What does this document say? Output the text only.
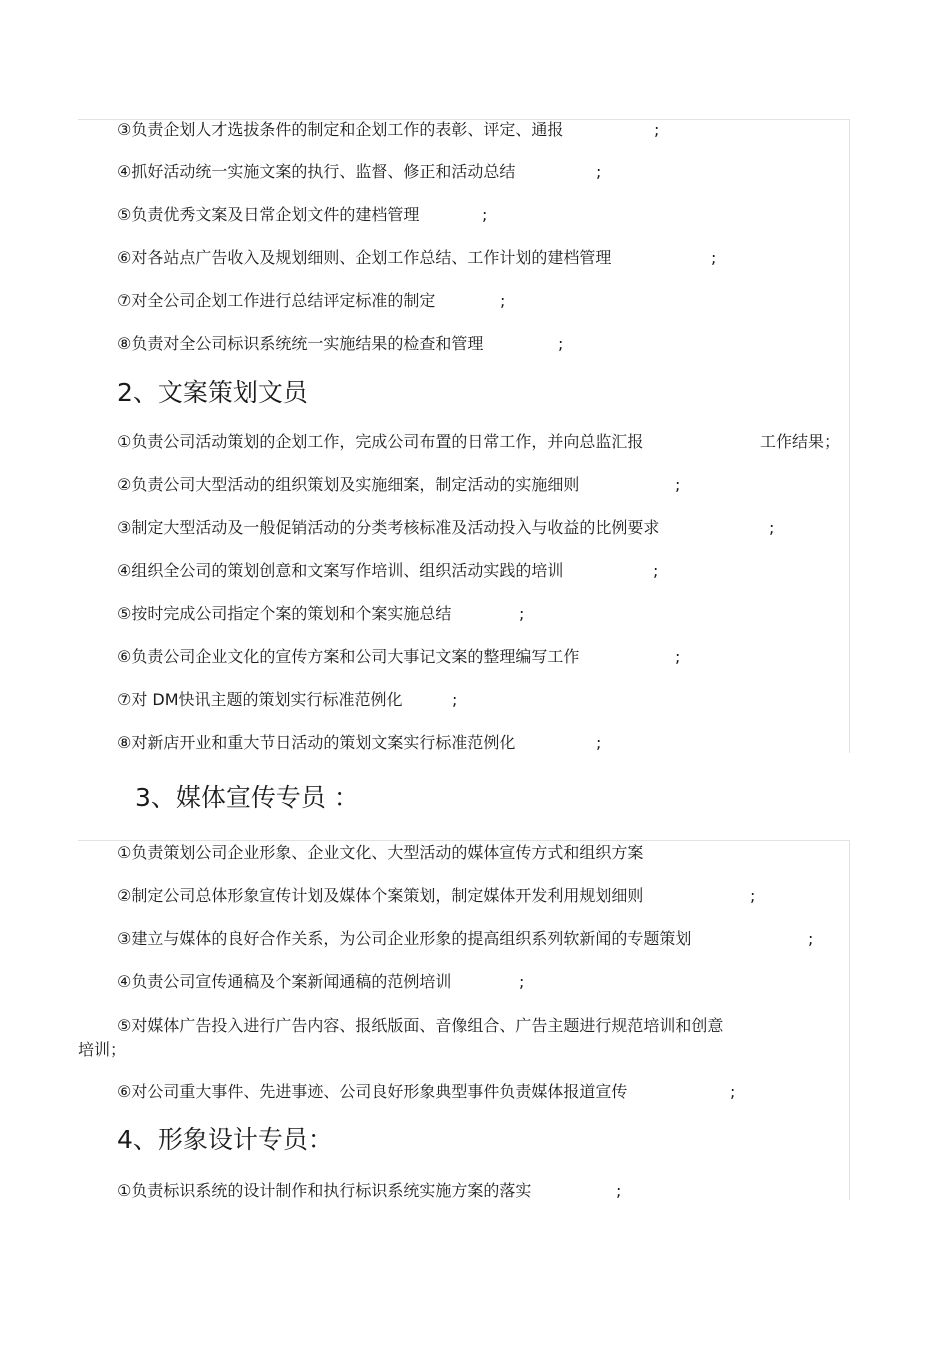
③负责企划人才选拔条件的制定和企划工作的表彰、评定、通报	;
④抓好活动统一实施文案的执行、监督、修正和活动总结	;
⑤负责优秀文案及日常企划文件的建档管理	;
⑥对各站点广告收入及规划细则、企划工作总结、工作计划的建档管理	;
⑦对全公司企划工作进行总结评定标准的制定	;
⑧负责对全公司标识系统统一实施结果的检查和管理	;
2、文案策划文员
①负责公司活动策划的企划工作，完成公司布置的日常工作，并向总监汇报	工作结果；
②负责公司大型活动的组织策划及实施细案，制定活动的实施细则	;
③制定大型活动及一般促销活动的分类考核标准及活动投入与收益的比例要求	;
④组织全公司的策划创意和文案写作培训、组织活动实践的培训	;
⑤按时完成公司指定个案的策划和个案实施总结	;
⑥负责公司企业文化的宣传方案和公司大事记文案的整理编写工作	;
⑦对 DM快讯主题的策划实行标准范例化	;
⑧对新店开业和重大节日活动的策划文案实行标准范例化	;
3、媒体宣传专员 ：
①负责策划公司企业形象、企业文化、大型活动的媒体宣传方式和组织方案
②制定公司总体形象宣传计划及媒体个案策划，制定媒体开发利用规划细则	;
③建立与媒体的良好合作关系，为公司企业形象的提高组织系列软新闻的专题策划	;
④负责公司宣传通稿及个案新闻通稿的范例培训	;
⑤对媒体广告投入进行广告内容、报纸版面、音像组合、广告主题进行规范培训和创意
培训；
⑥对公司重大事件、先进事迹、公司良好形象典型事件负责媒体报道宣传	;
4、形象设计专员：
①负责标识系统的设计制作和执行标识系统实施方案的落实	;
